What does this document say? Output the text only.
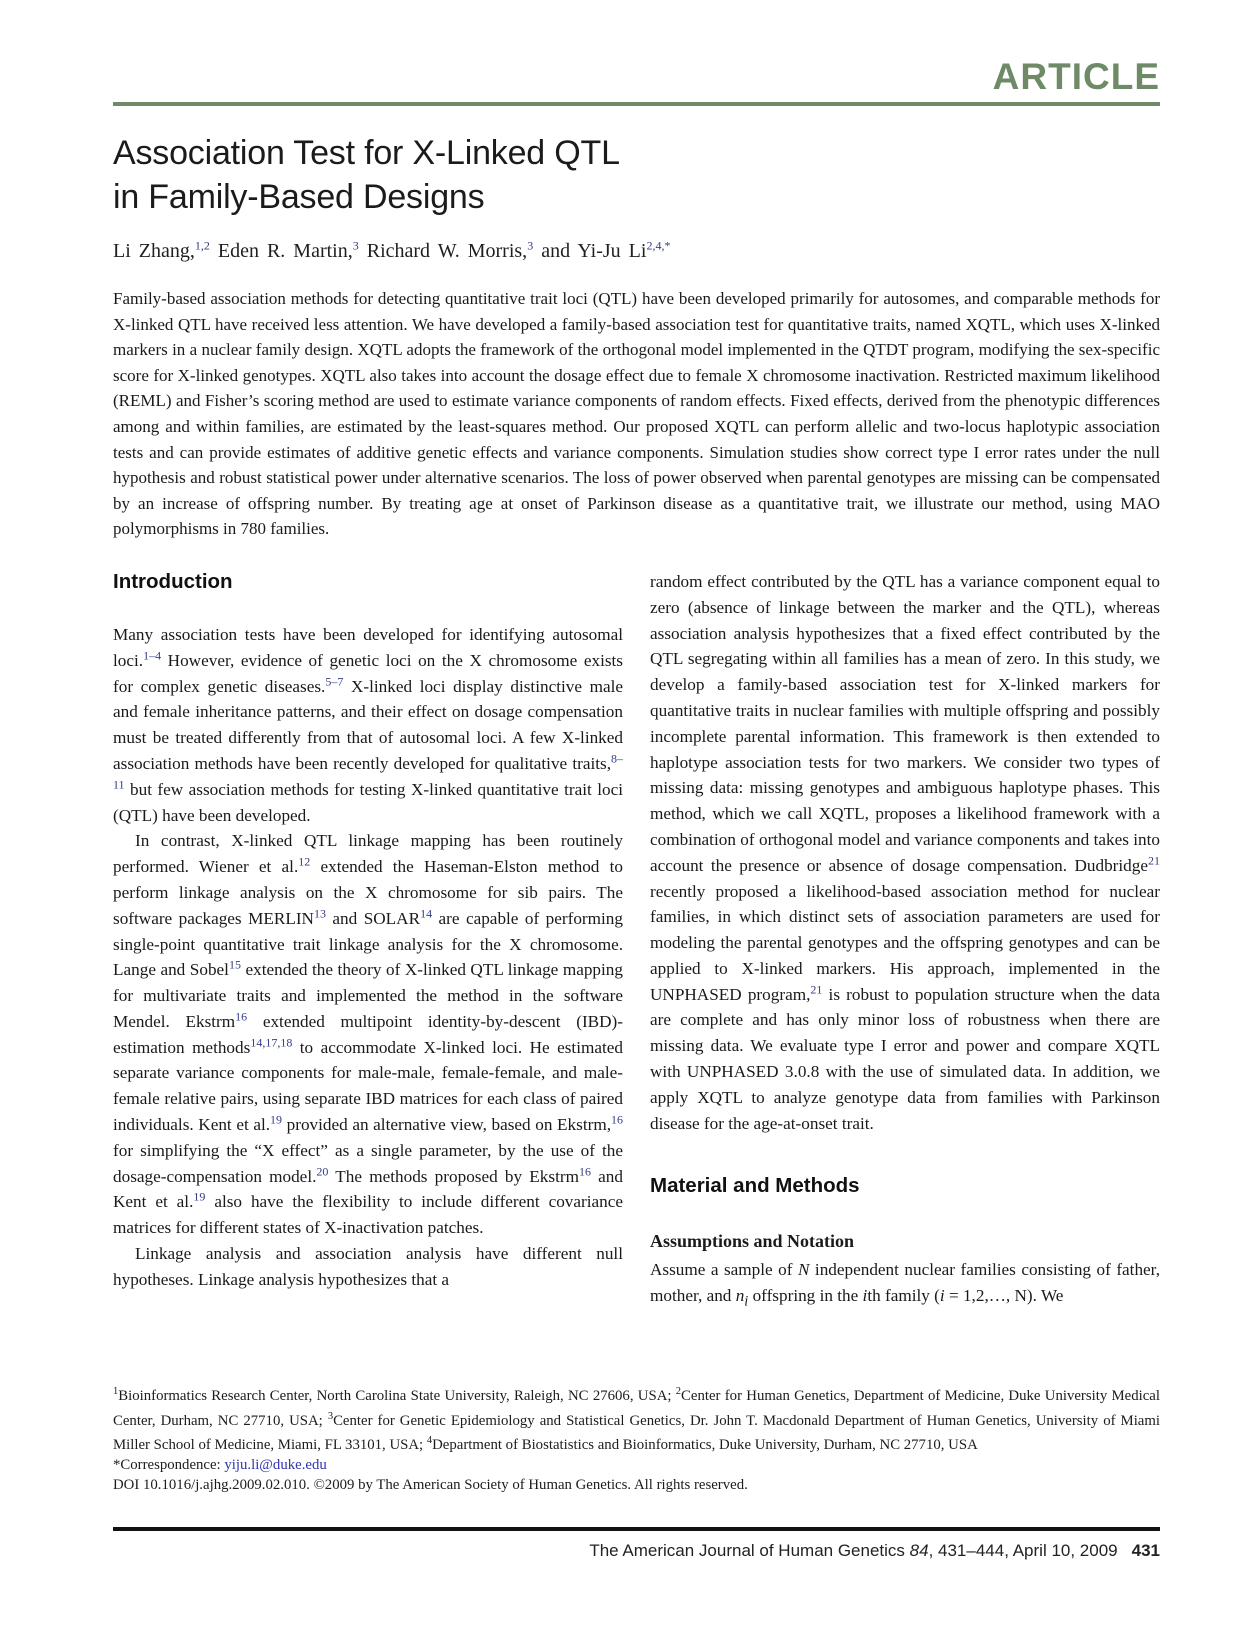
ARTICLE
Association Test for X-Linked QTL
in Family-Based Designs
Li Zhang,$^{1,2}$ Eden R. Martin,$^3$ Richard W. Morris,$^3$ and Yi-Ju Li$^{2,4,*}$

Family-based association methods for detecting quantitative trait loci (QTL) have been developed primarily for autosomes, and comparable methods for X-linked QTL have received less attention. We have developed a family-based association test for quantitative traits, named XQTL, which uses X-linked markers in a nuclear family design. XQTL adopts the framework of the orthogonal model implemented in the QTDT program, modifying the sex-specific score for X-linked genotypes. XQTL also takes into account the dosage effect due to female X chromosome inactivation. Restricted maximum likelihood (REML) and Fisher’s scoring method are used to estimate variance components of random effects. Fixed effects, derived from the phenotypic differences among and within families, are estimated by the least-squares method. Our proposed XQTL can perform allelic and two-locus haplotypic association tests and can provide estimates of additive genetic effects and variance components. Simulation studies show correct type I error rates under the null hypothesis and robust statistical power under alternative scenarios. The loss of power observed when parental genotypes are missing can be compensated by an increase of offspring number. By treating age at onset of Parkinson disease as a quantitative trait, we illustrate our method, using MAO polymorphisms in 780 families.

Introduction

Many association tests have been developed for identifying autosomal loci.$^{1-4}$ However, evidence of genetic loci on the X chromosome exists for complex genetic diseases.$^{5-7}$ X-linked loci display distinctive male and female inheritance patterns, and their effect on dosage compensation must be treated differently from that of autosomal loci. A few X-linked association methods have been recently developed for qualitative traits,$^{8-11}$ but few association methods for testing X-linked quantitative trait loci (QTL) have been developed.

In contrast, X-linked QTL linkage mapping has been routinely performed. Wiener et al.$^{12}$ extended the Haseman-Elston method to perform linkage analysis on the X chromosome for sib pairs. The software packages MERLIN$^{13}$ and SOLAR$^{14}$ are capable of performing single-point quantitative trait linkage analysis for the X chromosome. Lange and Sobel$^{15}$ extended the theory of X-linked QTL linkage mapping for multivariate traits and implemented the method in the software Mendel. Ekstrm$^{16}$ extended multipoint identity-by-descent (IBD)-estimation methods$^{14,17,18}$ to accommodate X-linked loci. He estimated separate variance components for male-male, female-female, and male-female relative pairs, using separate IBD matrices for each class of paired individuals. Kent et al.$^{19}$ provided an alternative view, based on Ekstrm,$^{16}$ for simplifying the “X effect” as a single parameter, by the use of the dosage-compensation model.$^{20}$ The methods proposed by Ekstrm$^{16}$ and Kent et al.$^{19}$ also have the flexibility to include different covariance matrices for different states of X-inactivation patches.

Linkage analysis and association analysis have different null hypotheses. Linkage analysis hypothesizes that a

random effect contributed by the QTL has a variance component equal to zero (absence of linkage between the marker and the QTL), whereas association analysis hypothesizes that a fixed effect contributed by the QTL segregating within all families has a mean of zero. In this study, we develop a family-based association test for X-linked markers for quantitative traits in nuclear families with multiple offspring and possibly incomplete parental information. This framework is then extended to haplotype association tests for two markers. We consider two types of missing data: missing genotypes and ambiguous haplotype phases. This method, which we call XQTL, proposes a likelihood framework with a combination of orthogonal model and variance components and takes into account the presence or absence of dosage compensation. Dudbridge$^{21}$ recently proposed a likelihood-based association method for nuclear families, in which distinct sets of association parameters are used for modeling the parental genotypes and the offspring genotypes and can be applied to X-linked markers. His approach, implemented in the UNPHASED program,$^{21}$ is robust to population structure when the data are complete and has only minor loss of robustness when there are missing data. We evaluate type I error and power and compare XQTL with UNPHASED 3.0.8 with the use of simulated data. In addition, we apply XQTL to analyze genotype data from families with Parkinson disease for the age-at-onset trait.

Material and Methods
Assumptions and Notation

Assume a sample of N independent nuclear families consisting of father, mother, and $n_i$ offspring in the ith family (i = 1,2,…, N). We

$^1$Bioinformatics Research Center, North Carolina State University, Raleigh, NC 27606, USA; $^2$Center for Human Genetics, Department of Medicine, Duke University Medical Center, Durham, NC 27710, USA; $^3$Center for Genetic Epidemiology and Statistical Genetics, Dr. John T. Macdonald Department of Human Genetics, University of Miami Miller School of Medicine, Miami, FL 33101, USA; $^4$Department of Biostatistics and Bioinformatics, Duke University, Durham, NC 27710, USA
*Correspondence: yiju.li@duke.edu
DOI 10.1016/j.ajhg.2009.02.010. ©2009 by The American Society of Human Genetics. All rights reserved.
The American Journal of Human Genetics 84, 431–444, April 10, 2009 431
